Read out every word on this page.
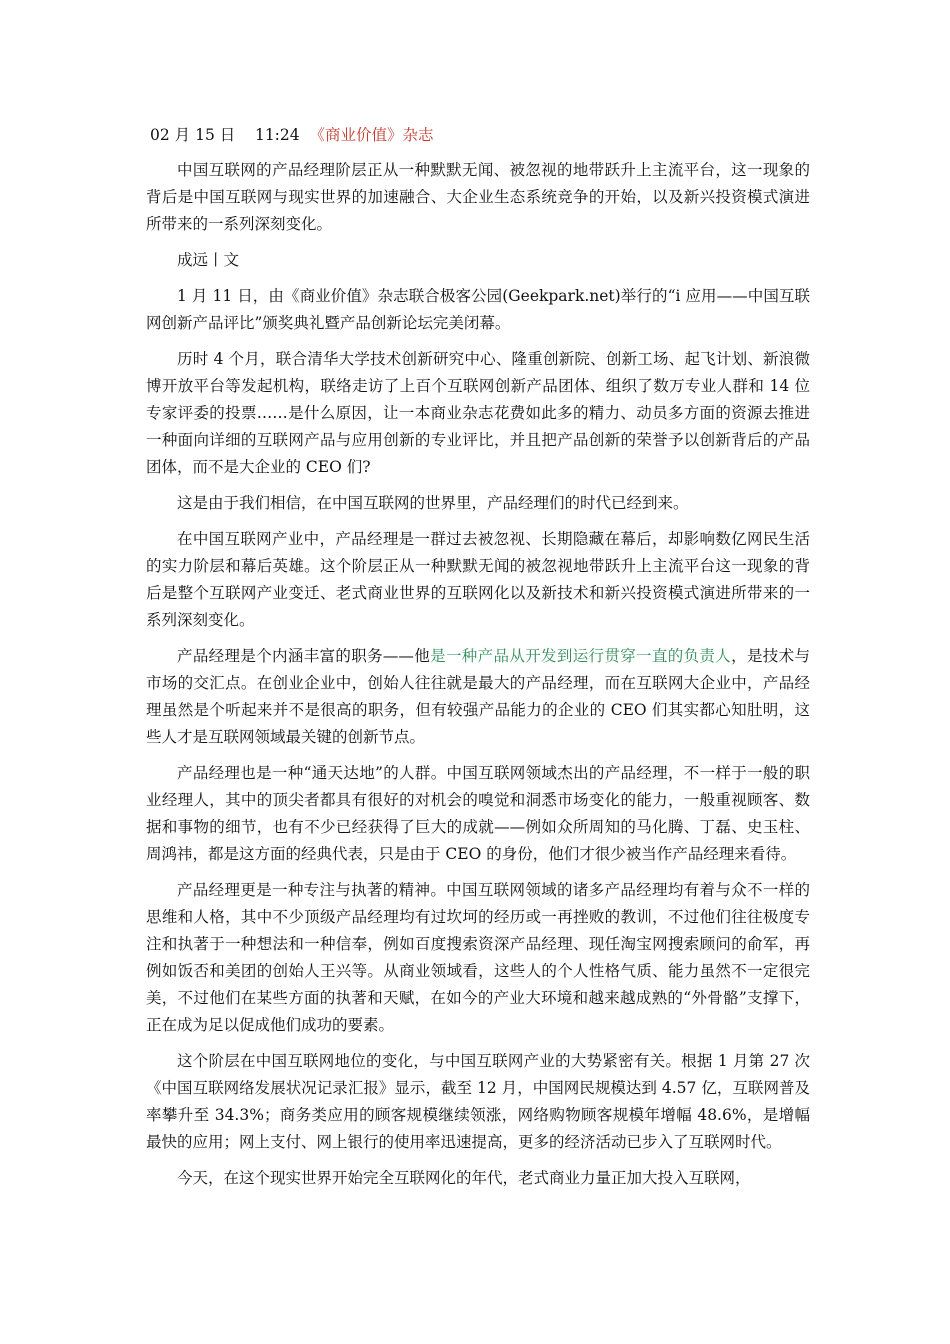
02 月 15 日 11:24 《商业价值》杂志

中国互联网的产品经理阶层正从一种默默无闻、被忽视的地带跃升上主流平台，这一现象的背后是中国互联网与现实世界的加速融合、大企业生态系统竞争的开始，以及新兴投资模式演进所带来的一系列深刻变化。

成远丨文

1 月 11 日，由《商业价值》杂志联合极客公园(Geekpark.net)举行的“i 应用——中国互联网创新产品评比”颁奖典礼暨产品创新论坛完美闭幕。

历时 4 个月，联合清华大学技术创新研究中心、隆重创新院、创新工场、起飞计划、新浪微博开放平台等发起机构，联络走访了上百个互联网创新产品团体、组织了数万专业人群和 14 位专家评委的投票……是什么原因，让一本商业杂志花费如此多的精力、动员多方面的资源去推进一种面向详细的互联网产品与应用创新的专业评比，并且把产品创新的荣誉予以创新背后的产品团体，而不是大企业的 CEO 们?

这是由于我们相信，在中国互联网的世界里，产品经理们的时代已经到来。

在中国互联网产业中，产品经理是一群过去被忽视、长期隐藏在幕后，却影响数亿网民生活的实力阶层和幕后英雄。这个阶层正从一种默默无闻的被忽视地带跃升上主流平台这一现象的背后是整个互联网产业变迁、老式商业世界的互联网化以及新技术和新兴投资模式演进所带来的一系列深刻变化。

产品经理是个内涵丰富的职务——他是一种产品从开发到运行贯穿一直的负责人，是技术与市场的交汇点。在创业企业中，创始人往往就是最大的产品经理，而在互联网大企业中，产品经理虽然是个听起来并不是很高的职务，但有较强产品能力的企业的 CEO 们其实都心知肚明，这些人才是互联网领域最关键的创新节点。

产品经理也是一种“通天达地”的人群。中国互联网领域杰出的产品经理，不一样于一般的职业经理人，其中的顶尖者都具有很好的对机会的嗅觉和洞悉市场变化的能力，一般重视顾客、数据和事物的细节，也有不少已经获得了巨大的成就——例如众所周知的马化腾、丁磊、史玉柱、周鸿祎，都是这方面的经典代表，只是由于 CEO 的身份，他们才很少被当作产品经理来看待。

产品经理更是一种专注与执著的精神。中国互联网领域的诸多产品经理均有着与众不一样的思维和人格，其中不少顶级产品经理均有过坎坷的经历或一再挫败的教训，不过他们往往极度专注和执著于一种想法和一种信奉，例如百度搜索资深产品经理、现任淘宝网搜索顾问的俞军，再例如饭否和美团的创始人王兴等。从商业领域看，这些人的个人性格气质、能力虽然不一定很完美，不过他们在某些方面的执著和天赋，在如今的产业大环境和越来越成熟的“外骨骼”支撑下，正在成为足以促成他们成功的要素。

这个阶层在中国互联网地位的变化，与中国互联网产业的大势紧密有关。根据 1 月第 27 次《中国互联网络发展状况记录汇报》显示，截至 12 月，中国网民规模达到 4.57 亿，互联网普及率攀升至 34.3%；商务类应用的顾客规模继续领涨，网络购物顾客规模年增幅 48.6%，是增幅最快的应用；网上支付、网上银行的使用率迅速提高，更多的经济活动已步入了互联网时代。

今天，在这个现实世界开始完全互联网化的年代，老式商业力量正加大投入互联网，
